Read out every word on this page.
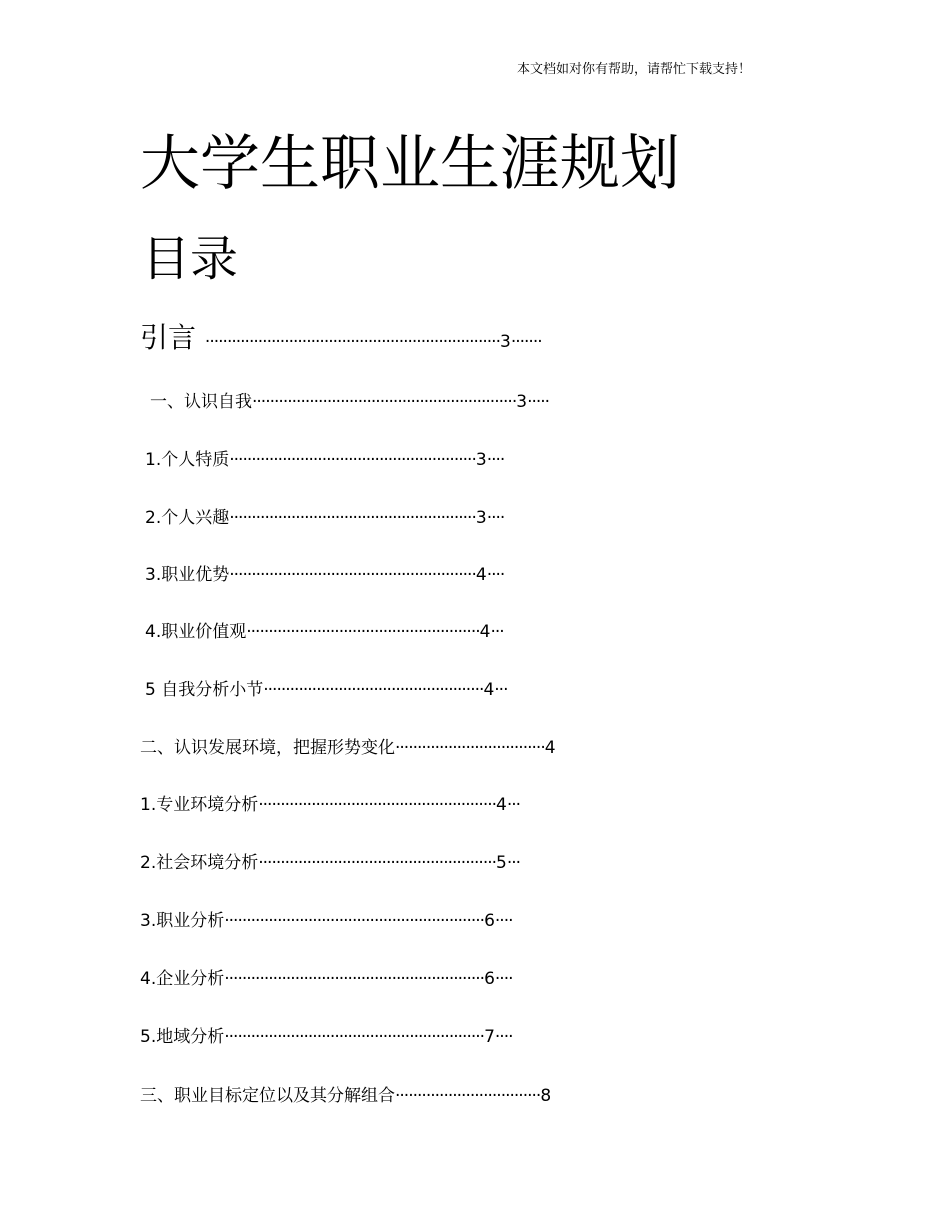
本文档如对你有帮助，请帮忙下载支持！
大学生职业生涯规划
目录
引言 ···································································3·······
一、认识自我····························································3·····
1.个人特质························································3····
2.个人兴趣························································3····
3.职业优势························································4····
4.职业价值观·····················································4···
5 自我分析小节··················································4···
二、认识发展环境，把握形势变化··································4
1.专业环境分析······················································4···
2.社会环境分析······················································5···
3.职业分析···························································6····
4.企业分析···························································6····
5.地域分析···························································7····
三、职业目标定位以及其分解组合·································8
